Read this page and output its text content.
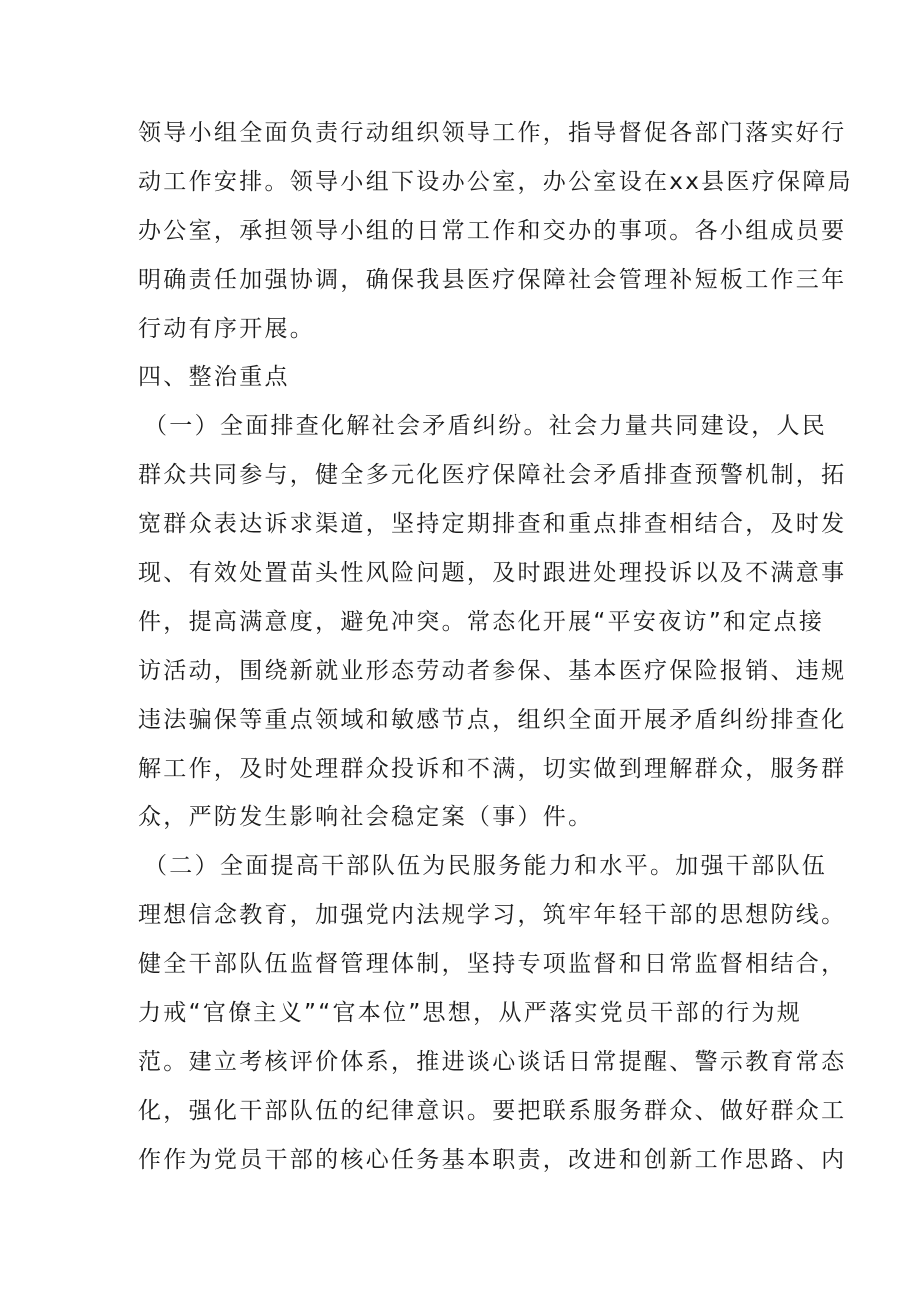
领导小组全面负责行动组织领导工作，指导督促各部门落实好行
动工作安排。领导小组下设办公室，办公室设在xx县医疗保障局
办公室，承担领导小组的日常工作和交办的事项。各小组成员要
明确责任加强协调，确保我县医疗保障社会管理补短板工作三年
行动有序开展。
四、整治重点
（一）全面排查化解社会矛盾纠纷。社会力量共同建设，人民
群众共同参与，健全多元化医疗保障社会矛盾排查预警机制，拓
宽群众表达诉求渠道，坚持定期排查和重点排查相结合，及时发
现、有效处置苗头性风险问题，及时跟进处理投诉以及不满意事
件，提高满意度，避免冲突。常态化开展“平安夜访”和定点接
访活动，围绕新就业形态劳动者参保、基本医疗保险报销、违规
违法骗保等重点领域和敏感节点，组织全面开展矛盾纠纷排查化
解工作，及时处理群众投诉和不满，切实做到理解群众，服务群
众，严防发生影响社会稳定案（事）件。
（二）全面提高干部队伍为民服务能力和水平。加强干部队伍
理想信念教育，加强党内法规学习，筑牢年轻干部的思想防线。
健全干部队伍监督管理体制，坚持专项监督和日常监督相结合，
力戒“官僚主义”“官本位”思想，从严落实党员干部的行为规
范。建立考核评价体系，推进谈心谈话日常提醒、警示教育常态
化，强化干部队伍的纪律意识。要把联系服务群众、做好群众工
作作为党员干部的核心任务基本职责，改进和创新工作思路、内
